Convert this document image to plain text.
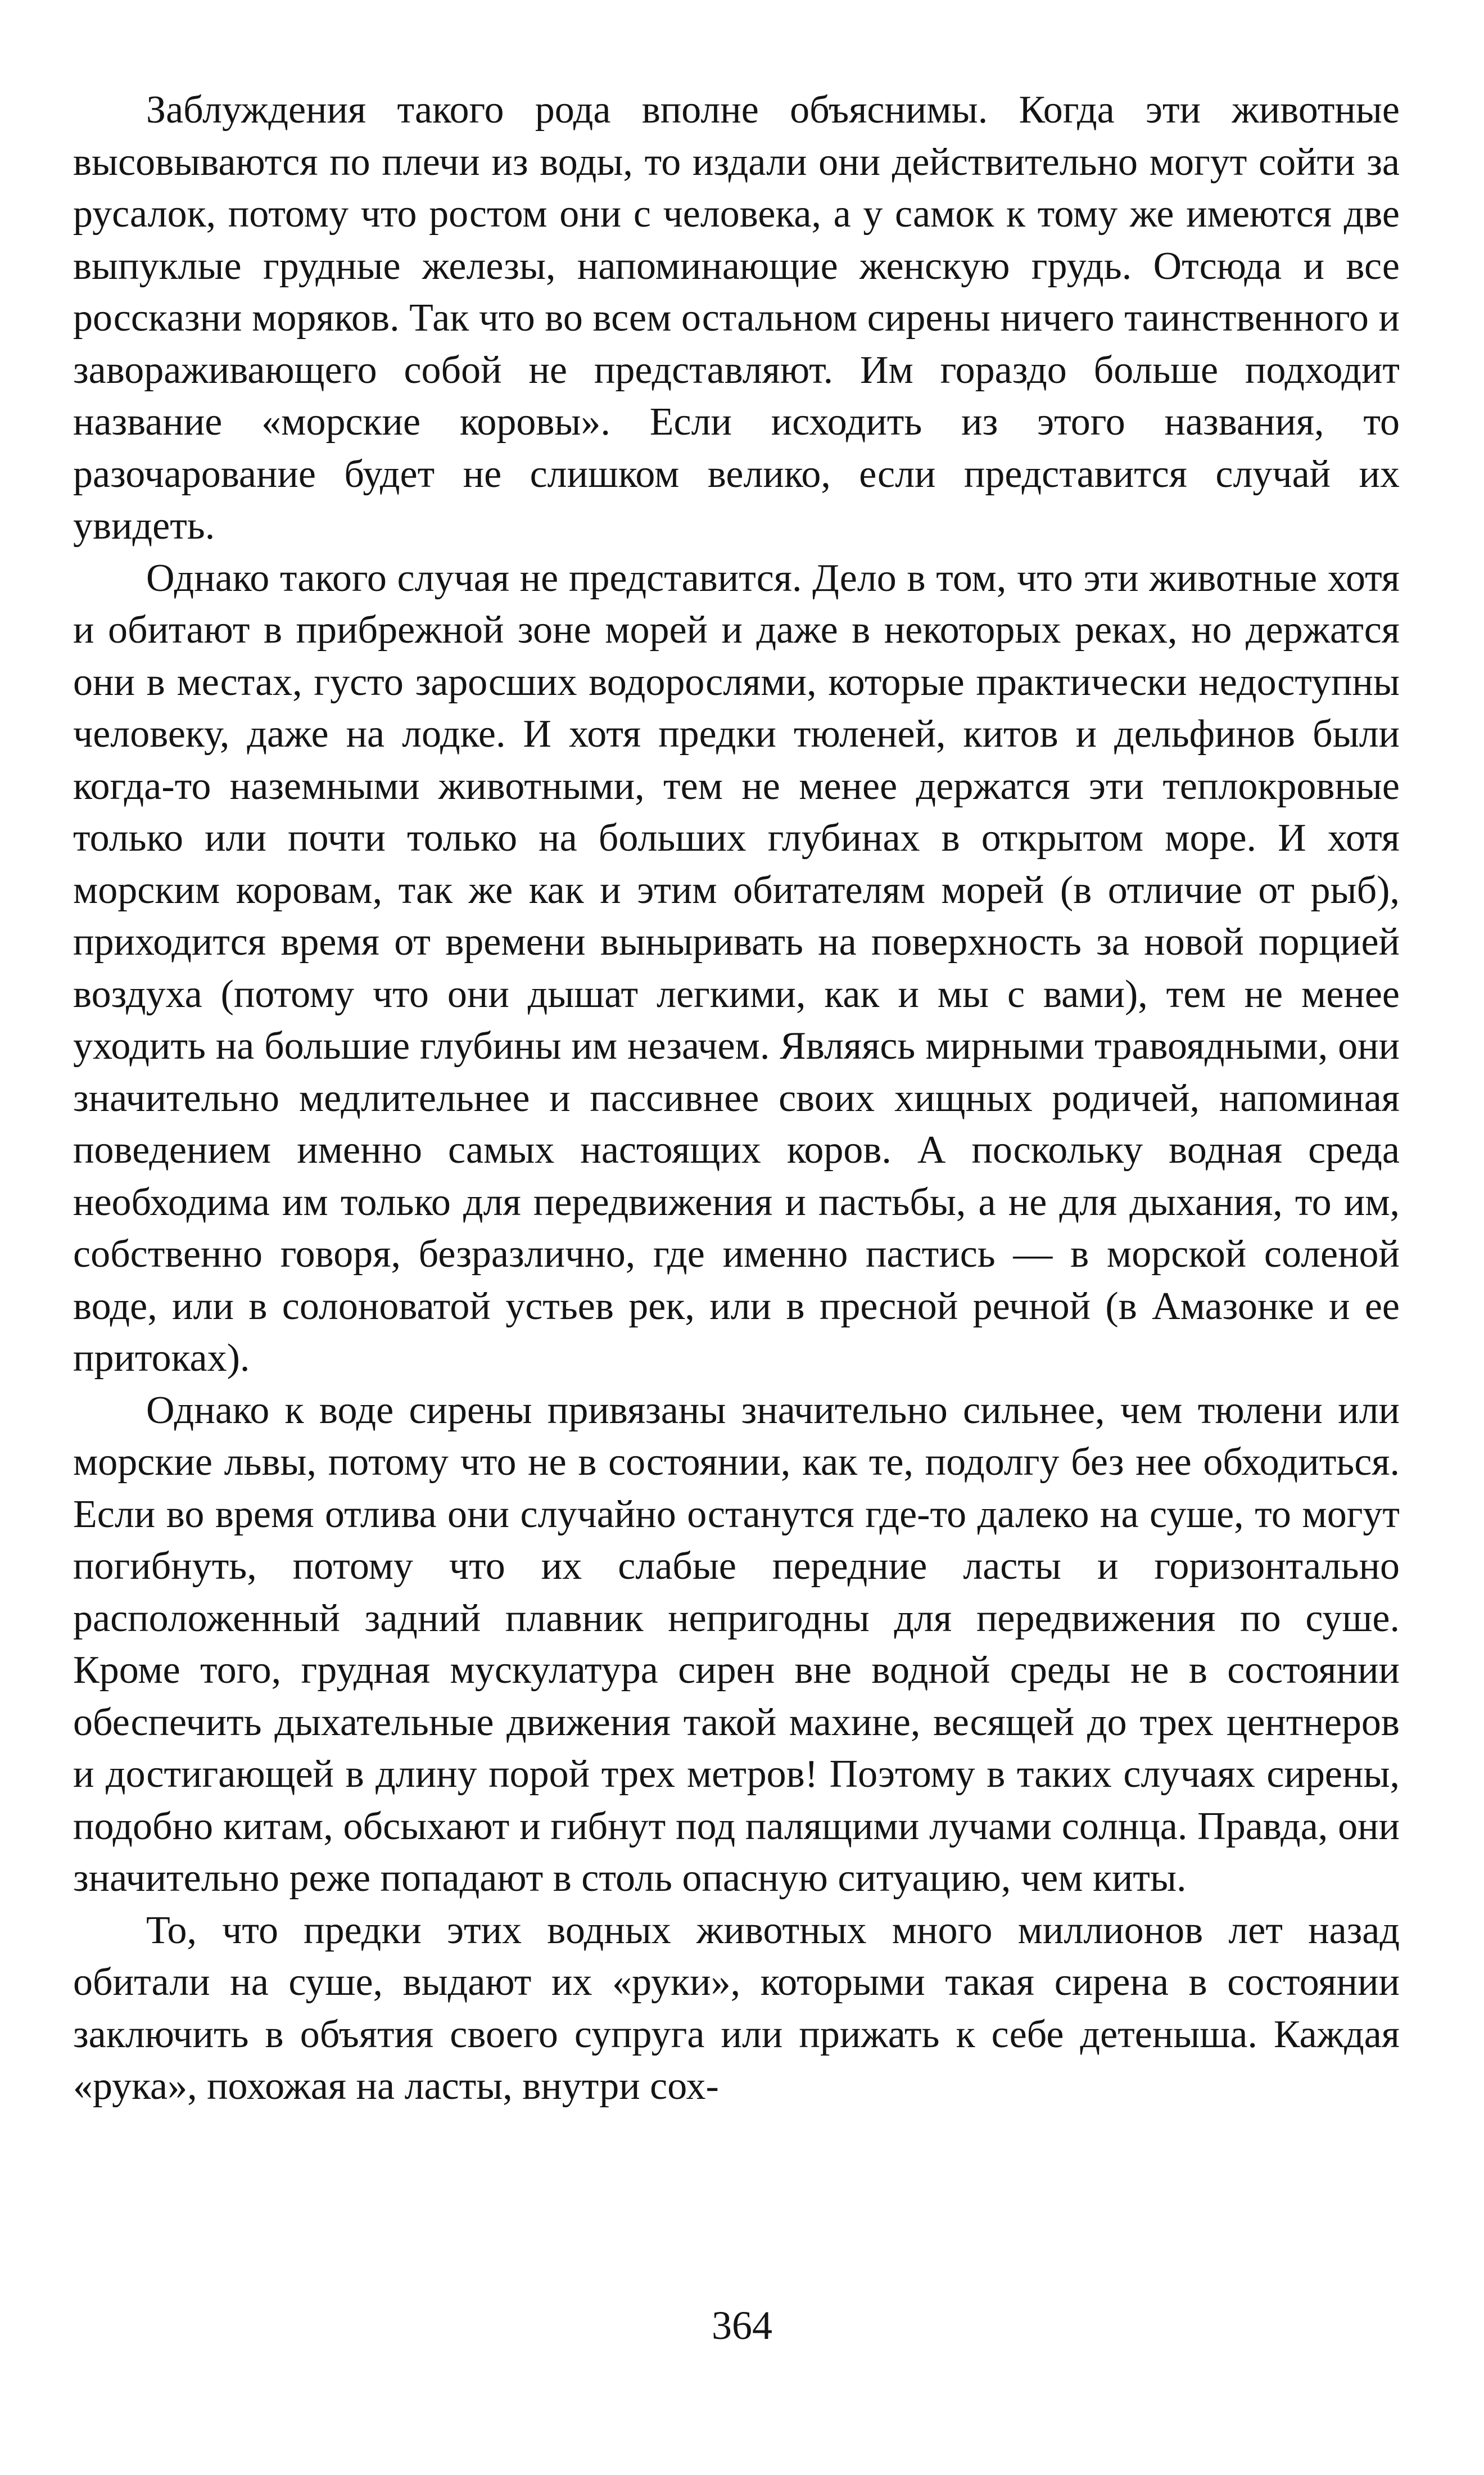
Заблуждения такого рода вполне объяснимы. Когда эти животные высовываются по плечи из воды, то издали они действительно могут сойти за русалок, потому что ростом они с человека, а у самок к тому же имеются две выпуклые грудные железы, напоминающие женскую грудь. Отсюда и все россказни моряков. Так что во всем остальном сирены ничего таинственного и завораживающего собой не представляют. Им гораздо больше подходит название «морские коровы». Если исходить из этого названия, то разочарование будет не слишком велико, если представится случай их увидеть.

Однако такого случая не представится. Дело в том, что эти животные хотя и обитают в прибрежной зоне морей и даже в некоторых реках, но держатся они в местах, густо заросших водорослями, которые практически недоступны человеку, даже на лодке. И хотя предки тюленей, китов и дельфинов были когда-то наземными животными, тем не менее держатся эти теплокровные только или почти только на больших глубинах в открытом море. И хотя морским коровам, так же как и этим обитателям морей (в отличие от рыб), приходится время от времени выныривать на поверхность за новой порцией воздуха (потому что они дышат легкими, как и мы с вами), тем не менее уходить на большие глубины им незачем. Являясь мирными травоядными, они значительно медлительнее и пассивнее своих хищных родичей, напоминая поведением именно самых настоящих коров. А поскольку водная среда необходима им только для передвижения и пастьбы, а не для дыхания, то им, собственно говоря, безразлично, где именно пастись — в морской соленой воде, или в солоноватой устьев рек, или в пресной речной (в Амазонке и ее притоках).

Однако к воде сирены привязаны значительно сильнее, чем тюлени или морские львы, потому что не в состоянии, как те, подолгу без нее обходиться. Если во время отлива они случайно останутся где-то далеко на суше, то могут погибнуть, потому что их слабые передние ласты и горизонтально расположенный задний плавник непригодны для передвижения по суше. Кроме того, грудная мускулатура сирен вне водной среды не в состоянии обеспечить дыхательные движения такой махине, весящей до трех центнеров и достигающей в длину порой трех метров! Поэтому в таких случаях сирены, подобно китам, обсыхают и гибнут под палящими лучами солнца. Правда, они значительно реже попадают в столь опасную ситуацию, чем киты.

То, что предки этих водных животных много миллионов лет назад обитали на суше, выдают их «руки», которыми такая сирена в состоянии заключить в объятия своего супруга или прижать к себе детеныша. Каждая «рука», похожая на ласты, внутри сох-

364
